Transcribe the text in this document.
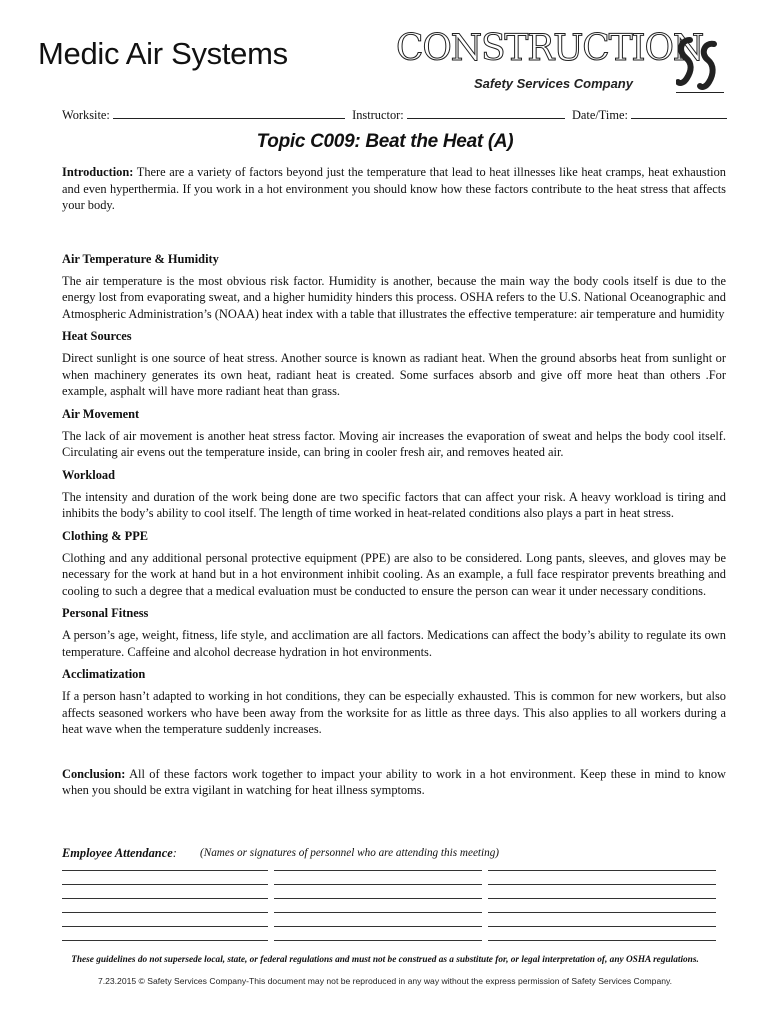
Medic Air Systems	CONSTRUCTION
Safety Services Company
Worksite:	Instructor:	Date/Time:
Topic C009: Beat the Heat (A)

Introduction: There are a variety of factors beyond just the temperature that lead to heat illnesses like heat cramps, heat exhaustion and even hyperthermia. If you work in a hot environment you should know how these factors contribute to the heat stress that affects your body.

Air Temperature & Humidity

The air temperature is the most obvious risk factor. Humidity is another, because the main way the body cools itself is due to the energy lost from evaporating sweat, and a higher humidity hinders this process. OSHA refers to the U.S. National Oceanographic and Atmospheric Administration’s (NOAA) heat index with a table that illustrates the effective temperature: air temperature and humidity

Heat Sources

Direct sunlight is one source of heat stress. Another source is known as radiant heat. When the ground absorbs heat from sunlight or when machinery generates its own heat, radiant heat is created. Some surfaces absorb and give off more heat than others .For example, asphalt will have more radiant heat than grass.

Air Movement

The lack of air movement is another heat stress factor. Moving air increases the evaporation of sweat and helps the body cool itself. Circulating air evens out the temperature inside, can bring in cooler fresh air, and removes heated air.

Workload

The intensity and duration of the work being done are two specific factors that can affect your risk. A heavy workload is tiring and inhibits the body’s ability to cool itself. The length of time worked in heat-related conditions also plays a part in heat stress.

Clothing & PPE

Clothing and any additional personal protective equipment (PPE) are also to be considered. Long pants, sleeves, and gloves may be necessary for the work at hand but in a hot environment inhibit cooling. As an example, a full face respirator prevents breathing and cooling to such a degree that a medical evaluation must be conducted to ensure the person can wear it under necessary conditions.

Personal Fitness

A person’s age, weight, fitness, life style, and acclimation are all factors. Medications can affect the body’s ability to regulate its own temperature. Caffeine and alcohol decrease hydration in hot environments.

Acclimatization

If a person hasn’t adapted to working in hot conditions, they can be especially exhausted. This is common for new workers, but also affects seasoned workers who have been away from the worksite for as little as three days. This also applies to all workers during a heat wave when the temperature suddenly increases.

Conclusion: All of these factors work together to impact your ability to work in a hot environment. Keep these in mind to know when you should be extra vigilant in watching for heat illness symptoms.

Employee Attendance: (Names or signatures of personnel who are attending this meeting)
These guidelines do not supersede local, state, or federal regulations and must not be construed as a substitute for, or legal interpretation of, any OSHA regulations.
7.23.2015 © Safety Services Company-This document may not be reproduced in any way without the express permission of Safety Services Company.
